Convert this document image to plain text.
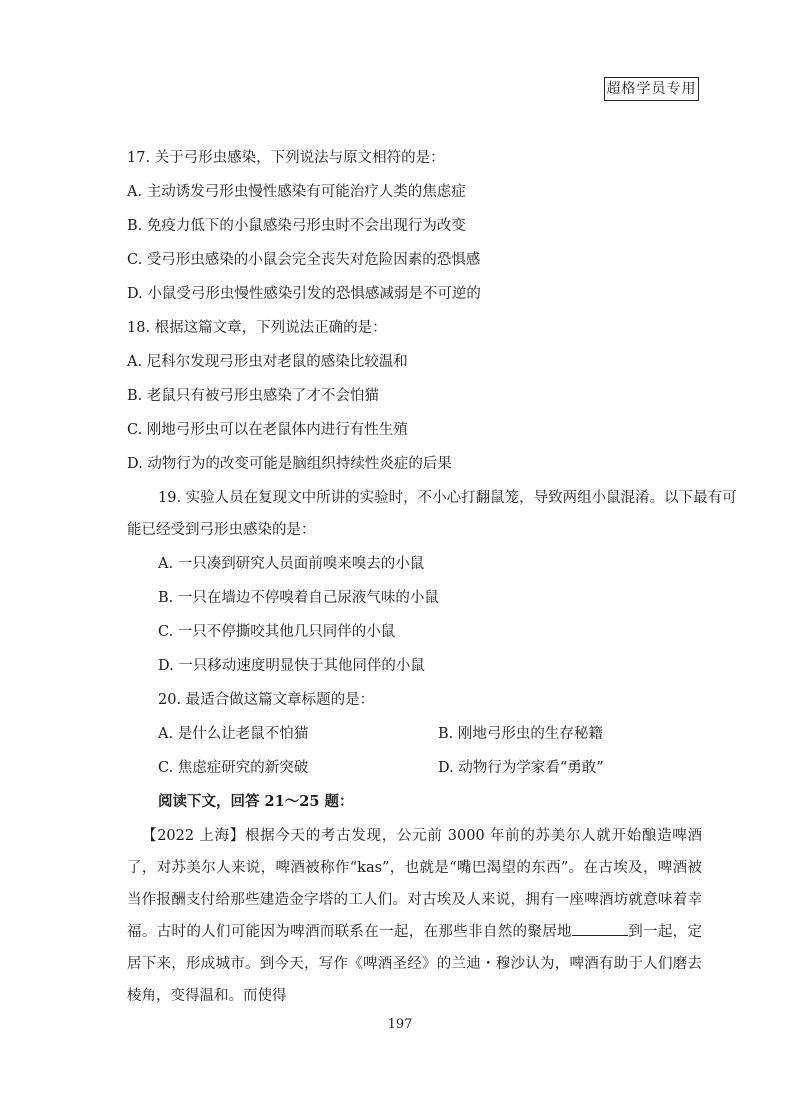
超格学员专用
17. 关于弓形虫感染，下列说法与原文相符的是：
A. 主动诱发弓形虫慢性感染有可能治疗人类的焦虑症
B. 免疫力低下的小鼠感染弓形虫时不会出现行为改变
C. 受弓形虫感染的小鼠会完全丧失对危险因素的恐惧感
D. 小鼠受弓形虫慢性感染引发的恐惧感减弱是不可逆的
18. 根据这篇文章，下列说法正确的是：
A. 尼科尔发现弓形虫对老鼠的感染比较温和
B. 老鼠只有被弓形虫感染了才不会怕猫
C. 刚地弓形虫可以在老鼠体内进行有性生殖
D. 动物行为的改变可能是脑组织持续性炎症的后果
19. 实验人员在复现文中所讲的实验时，不小心打翻鼠笼，导致两组小鼠混淆。以下最有可
能已经受到弓形虫感染的是：
A. 一只凑到研究人员面前嗅来嗅去的小鼠
B. 一只在墙边不停嗅着自己尿液气味的小鼠
C. 一只不停撕咬其他几只同伴的小鼠
D. 一只移动速度明显快于其他同伴的小鼠
20. 最适合做这篇文章标题的是：
A. 是什么让老鼠不怕猫	B. 刚地弓形虫的生存秘籍
C. 焦虑症研究的新突破	D. 动物行为学家看“勇敢”
阅读下文，回答 21～25 题：
【2022 上海】根据今天的考古发现，公元前 3000 年前的苏美尔人就开始酿造啤酒了，对苏美尔人来说，啤酒被称作“kas”，也就是“嘴巴渴望的东西”。在古埃及，啤酒被当作报酬支付给那些建造金字塔的工人们。对古埃及人来说，拥有一座啤酒坊就意味着幸福。古时的人们可能因为啤酒而联系在一起，在那些非自然的聚居地	到一起，定居下来，形成城市。到今天，写作《啤酒圣经》的兰迪・穆沙认为，啤酒有助于人们磨去棱角，变得温和。而使得
197
